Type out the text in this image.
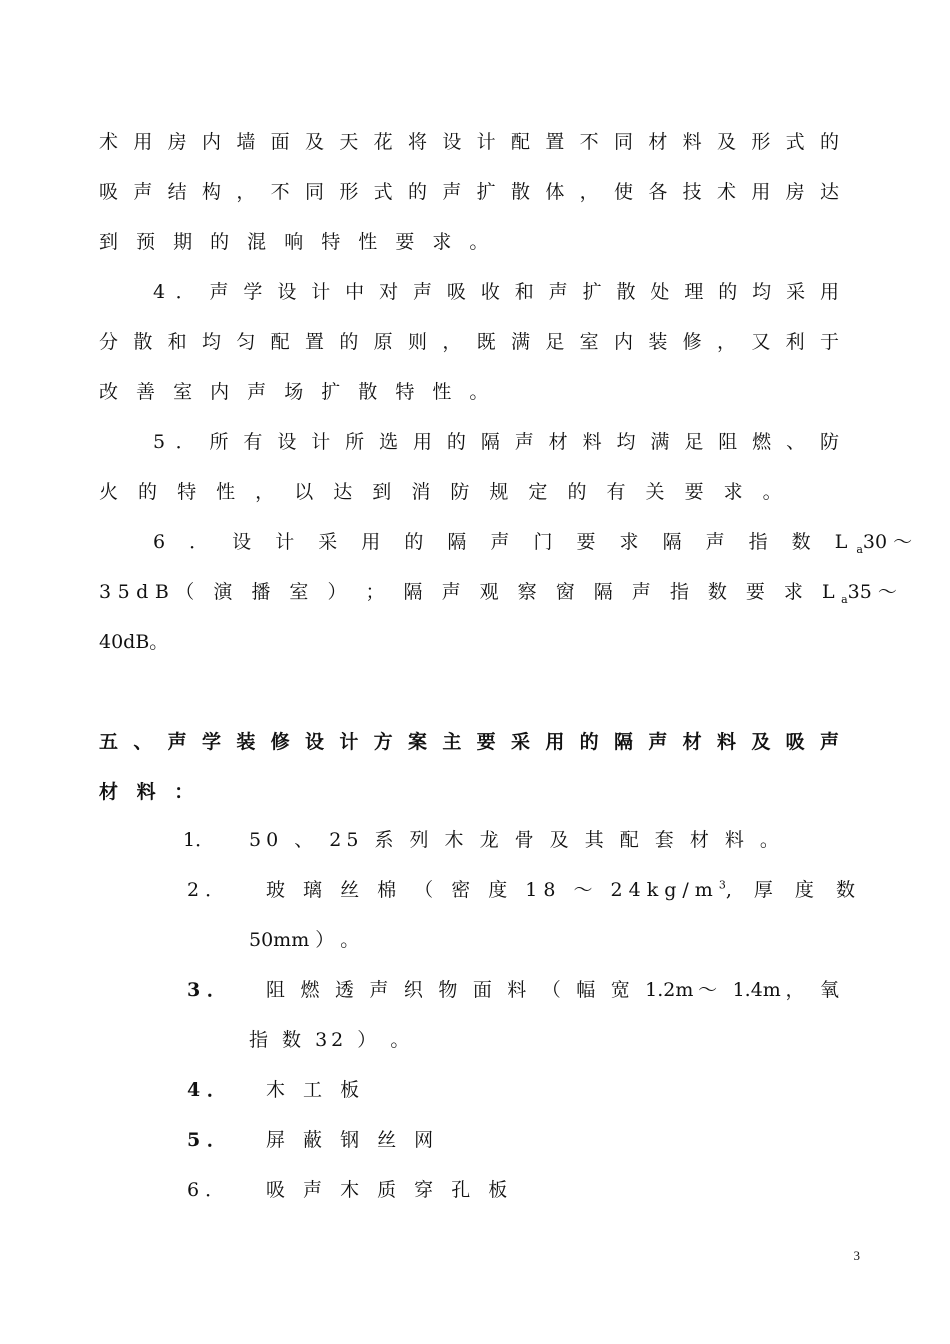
术 用 房 内 墙 面 及 天 花 将 设 计 配 置 不 同 材 料 及 形 式 的
吸 声 结 构 ， 不 同 形 式 的 声 扩 散 体 ， 使 各 技 术 用 房 达
到 预 期 的 混 响 特 性 要 求 。
4 ． 声 学 设 计 中 对 声 吸 收 和 声 扩 散 处 理 的 均 采 用
分 散 和 均 匀 配 置 的 原 则 ， 既 满 足 室 内 装 修 ， 又 利 于
改 善 室 内 声 场 扩 散 特 性 。
5 ． 所 有 设 计 所 选 用 的 隔 声 材 料 均 满 足 阻 燃 、 防
火 的 特 性 ， 以 达 到 消 防 规 定 的 有 关 要 求 。
6 ． 设 计 采 用 的 隔 声 门 要 求 隔 声 指 数 $L_a30$ ～
35dB（ 演 播 室 ） ； 隔 声 观 察 窗 隔 声 指 数 要 求 $L_a35$ ～
40dB。
五 、 声 学 装 修 设 计 方 案 主 要 采 用 的 隔 声 材 料 及 吸 声
材 料 ：
1． 50 、 25 系 列 木 龙 骨 及 其 配 套 材 料 。
2 ． 玻 璃 丝 棉 （ 密 度 18 ～ $24kg/m^3$ , 厚 度 数
50mm ） 。
3 ． 阻 燃 透 声 织 物 面 料 （ 幅 宽 1.2m～ 1.4m， 氧
指 数 32 ） 。
4 ． 木 工 板
5 ． 屏 蔽 钢 丝 网
6 ． 吸 声 木 质 穿 孔 板
3
